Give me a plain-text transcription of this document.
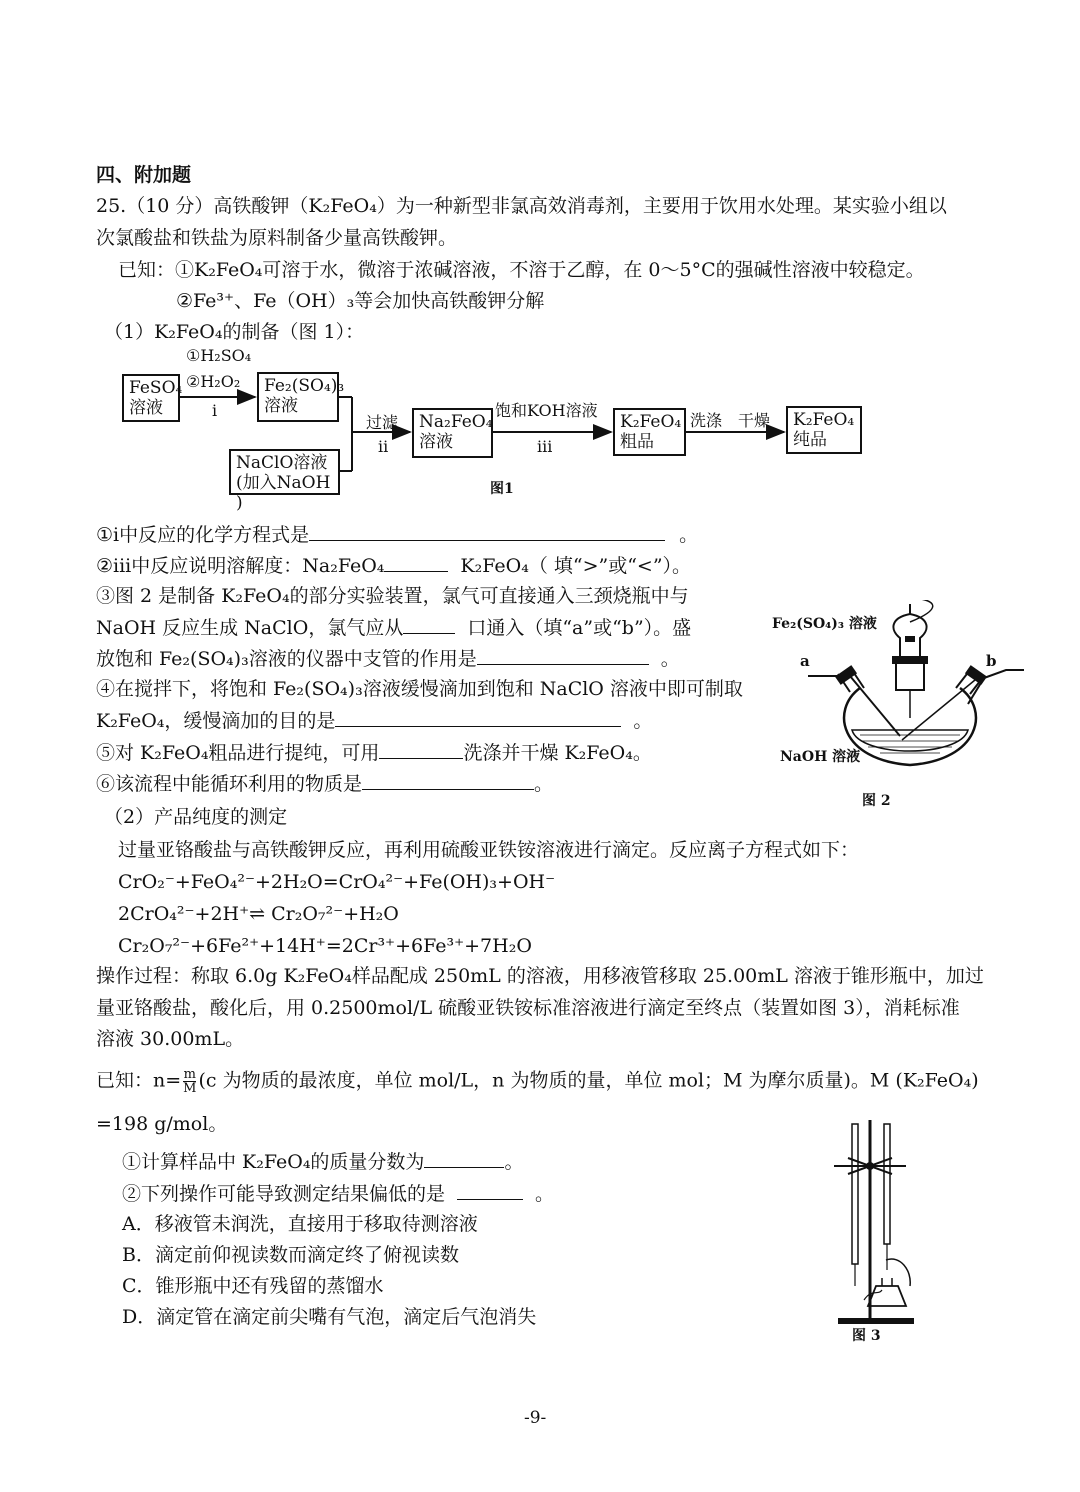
四、附加题
25.（10 分）高铁酸钾（K₂FeO₄）为一种新型非氯高效消毒剂，主要用于饮用水处理。某实验小组以
次氯酸盐和铁盐为原料制备少量高铁酸钾。
已知：①K₂FeO₄可溶于水，微溶于浓碱溶液，不溶于乙醇，在 0～5°C的强碱性溶液中较稳定。
②Fe³⁺、Fe（OH）₃等会加快高铁酸钾分解
（1）K₂FeO₄的制备（图 1）：
FeSO₄
溶液
Fe₂(SO₄)₃
溶液
NaClO溶液
(加入NaOH )
Na₂FeO₄
溶液
K₂FeO₄
粗品
K₂FeO₄
纯品
①H₂SO₄
②H₂O₂
i
过滤
ii
饱和KOH溶液
iii
洗涤 干燥
图1
①i中反应的化学方程式是	。
②iii中反应说明溶解度：Na₂FeO₄	K₂FeO₄（ 填“>”或“<”）。
③图 2 是制备 K₂FeO₄的部分实验装置，氯气可直接通入三颈烧瓶中与
NaOH 反应生成 NaClO，氯气应从	口通入（填“a”或“b”）。盛
放饱和 Fe₂(SO₄)₃溶液的仪器中支管的作用是	。
④在搅拌下，将饱和 Fe₂(SO₄)₃溶液缓慢滴加到饱和 NaClO 溶液中即可制取
K₂FeO₄，缓慢滴加的目的是	。
⑤对 K₂FeO₄粗品进行提纯，可用	洗涤并干燥 K₂FeO₄。
⑥该流程中能循环利用的物质是	。
Fe₂(SO₄)₃ 溶液
a	b
NaOH 溶液
图 2
（2）产品纯度的测定
过量亚铬酸盐与高铁酸钾反应，再利用硫酸亚铁铵溶液进行滴定。反应离子方程式如下：
CrO₂⁻+FeO₄²⁻+2H₂O=CrO₄²⁻+Fe(OH)₃+OH⁻
2CrO₄²⁻+2H⁺⇌ Cr₂O₇²⁻+H₂O
Cr₂O₇²⁻+6Fe²⁺+14H⁺=2Cr³⁺+6Fe³⁺+7H₂O
操作过程：称取 6.0g K₂FeO₄样品配成 250mL 的溶液，用移液管移取 25.00mL 溶液于锥形瓶中，加过
量亚铬酸盐，酸化后，用 0.2500mol/L 硫酸亚铁铵标准溶液进行滴定至终点（装置如图 3），消耗标准
溶液 30.00mL。
已知：$n= \frac{m}{M} (c$ 为物质的最浓度，单位 mol/L，n 为物质的量，单位 mol；M 为摩尔质量)。M (K₂FeO₄)
=198 g/mol。
①计算样品中 K₂FeO₄的质量分数为	。
②下列操作可能导致测定结果偏低的是	。
A．移液管未润洗，直接用于移取待测溶液
B．滴定前仰视读数而滴定终了俯视读数
C．锥形瓶中还有残留的蒸馏水
D．滴定管在滴定前尖嘴有气泡，滴定后气泡消失
图 3
-9-
